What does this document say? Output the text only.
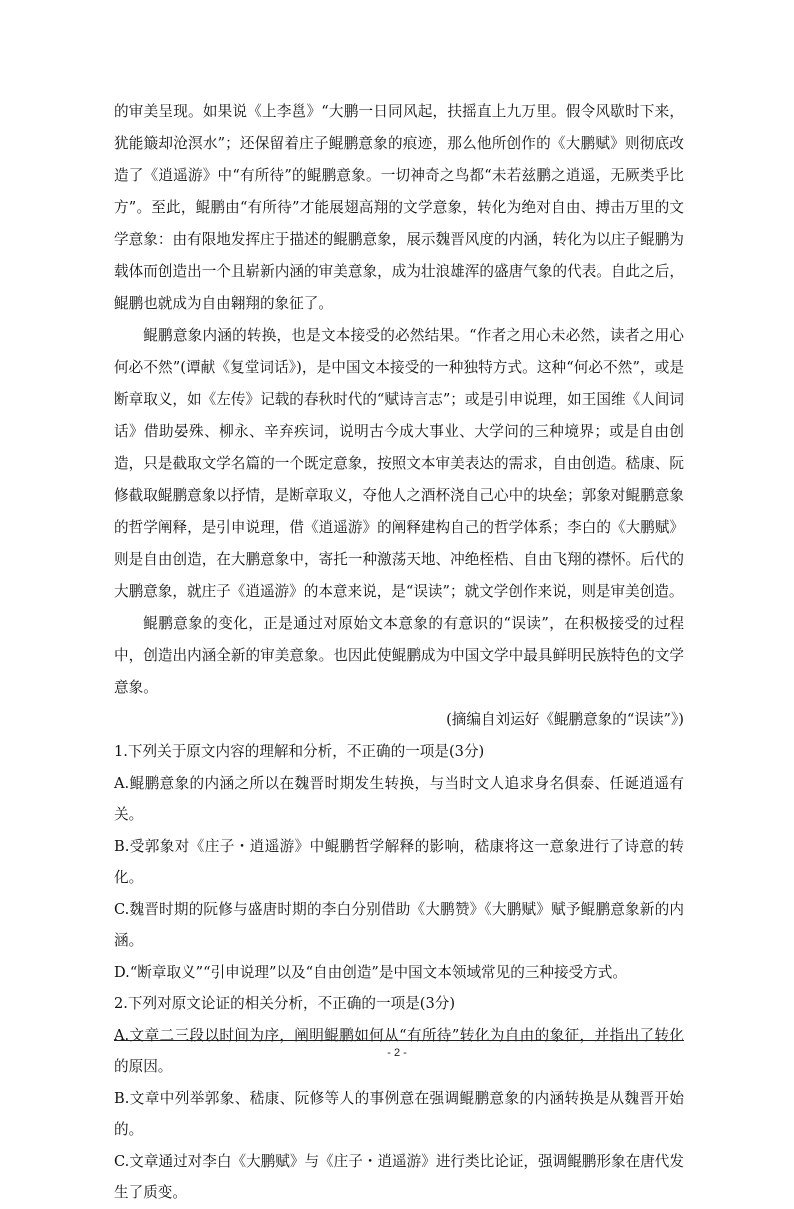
的审美呈现。如果说《上李邕》“大鹏一日同风起，扶摇直上九万里。假令风歇时下来，犹能簸却沧溟水”；还保留着庄子鲲鹏意象的痕迹，那么他所创作的《大鹏赋》则彻底改造了《逍遥游》中“有所待”的鲲鹏意象。一切神奇之鸟都“未若兹鹏之逍遥，无厥类乎比方”。至此，鲲鹏由“有所待”才能展翅高翔的文学意象，转化为绝对自由、搏击万里的文学意象：由有限地发挥庄于描述的鲲鹏意象，展示魏晋风度的内涵，转化为以庄子鲲鹏为载体而创造出一个且崭新内涵的审美意象，成为壮浪雄浑的盛唐气象的代表。自此之后，鲲鹏也就成为自由翱翔的象征了。

鲲鹏意象内涵的转换，也是文本接受的必然结果。“作者之用心未必然，读者之用心何必不然”(谭献《复堂词话》)，是中国文本接受的一种独特方式。这种“何必不然”，或是断章取义，如《左传》记载的春秋时代的“赋诗言志”；或是引申说理，如王国维《人间词话》借助晏殊、柳永、辛弃疾词，说明古今成大事业、大学问的三种境界；或是自由创造，只是截取文学名篇的一个既定意象，按照文本审美表达的需求，自由创造。嵇康、阮修截取鲲鹏意象以抒情，是断章取义，夺他人之酒杯浇自己心中的块垒；郭象对鲲鹏意象的哲学阐释，是引申说理，借《逍遥游》的阐释建构自己的哲学体系；李白的《大鹏赋》则是自由创造，在大鹏意象中，寄托一种激荡天地、冲绝桎梏、自由飞翔的襟怀。后代的大鹏意象，就庄子《逍遥游》的本意来说，是“误读”；就文学创作来说，则是审美创造。

鲲鹏意象的变化，正是通过对原始文本意象的有意识的“误读”，在积极接受的过程中，创造出内涵全新的审美意象。也因此使鲲鹏成为中国文学中最具鲜明民族特色的文学意象。

(摘编自刘运好《鲲鹏意象的“误读”》)

1.下列关于原文内容的理解和分析，不正确的一项是(3分)

A.鲲鹏意象的内涵之所以在魏晋时期发生转换，与当时文人追求身名俱泰、任诞逍遥有关。

B.受郭象对《庄子・逍遥游》中鲲鹏哲学解释的影响，嵇康将这一意象进行了诗意的转化。

C.魏晋时期的阮修与盛唐时期的李白分别借助《大鹏赞》《大鹏赋》赋予鲲鹏意象新的内涵。

D.“断章取义”“引申说理”以及“自由创造”是中国文本领域常见的三种接受方式。

2.下列对原文论证的相关分析，不正确的一项是(3分)

A.文章二三段以时间为序，阐明鲲鹏如何从“有所待”转化为自由的象征，并指出了转化的原因。

B.文章中列举郭象、嵇康、阮修等人的事例意在强调鲲鹏意象的内涵转换是从魏晋开始的。

C.文章通过对李白《大鹏赋》与《庄子・逍遥游》进行类比论证，强调鲲鹏形象在唐代发生了质变。

- 2 -
